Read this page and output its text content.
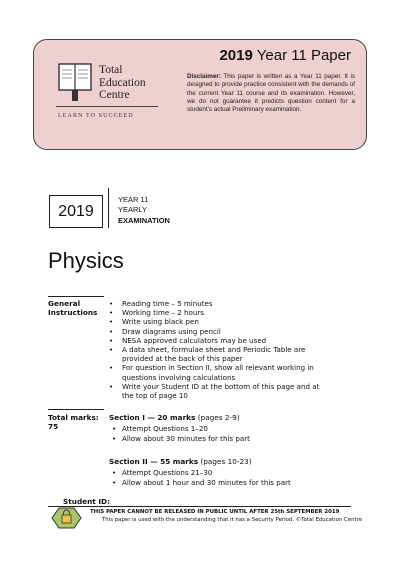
Total
Education
Centre
LEARN TO SUCCEED
2019 Year 11 Paper
Disclaimer: This paper is written as a Year 11 paper. It is designed to provide practice consistent with the demands of the current Year 11 course and its examination. However, we do not guarantee it predicts question content for a student's actual Preliminary examination.
2019
YEAR 11
YEARLY
EXAMINATION
Physics
General
Instructions
• Reading time – 5 minutes
• Working time – 2 hours
• Write using black pen
• Draw diagrams using pencil
• NESA approved calculators may be used
• A data sheet, formulae sheet and Periodic Table are provided at the back of this paper
• For question in Section II, show all relevant working in questions involving calculations
• Write your Student ID at the bottom of this page and at the top of page 10
Total marks:
75
Section I — 20 marks (pages 2-9)
• Attempt Questions 1–20
• Allow about 30 minutes for this part
Section II — 55 marks (pages 10-23)
• Attempt Questions 21–30
• Allow about 1 hour and 30 minutes for this part
Student ID:
THIS PAPER CANNOT BE RELEASED IN PUBLIC UNTIL AFTER 25th SEPTEMBER 2019
This paper is used with the understanding that it has a Security Period. ©Total Education Centre
